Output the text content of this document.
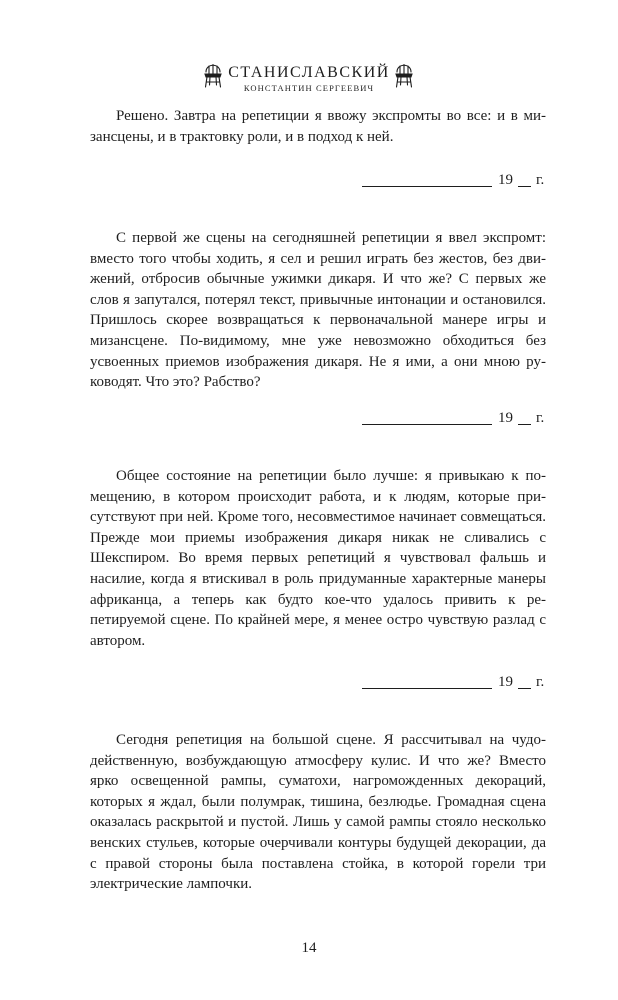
СТАНИСЛАВСКИЙ
КОНСТАНТИН СЕРГЕЕВИЧ

Решено. Завтра на репетиции я ввожу экспромты во все: и в мизансцены, и в трактовку роли, и в подход к ней.

19 г.

С первой же сцены на сегодняшней репетиции я ввел экспромт: вместо того чтобы ходить, я сел и решил играть без жестов, без движений, отбросив обычные ужимки дикаря. И что же? С первых же слов я запутался, потерял текст, привычные интонации и остановился. Пришлось скорее возвращаться к первоначальной манере игры и мизансцене. По-видимому, мне уже невозможно обходиться без усвоенных приемов изображения дикаря. Не я ими, а они мною руководят. Что это? Рабство?

19 г.

Общее состояние на репетиции было лучше: я привыкаю к помещению, в котором происходит работа, и к людям, которые присутствуют при ней. Кроме того, несовместимое начинает совмещаться. Прежде мои приемы изображения дикаря никак не сливались с Шекспиром. Во время первых репетиций я чувствовал фальшь и насилие, когда я втискивал в роль придуманные характерные манеры африканца, а теперь как будто кое-что удалось привить к репетируемой сцене. По крайней мере, я менее остро чувствую разлад с автором.

19 г.

Сегодня репетиция на большой сцене. Я рассчитывал на чудодейственную, возбуждающую атмосферу кулис. И что же? Вместо ярко освещенной рампы, суматохи, нагроможденных декораций, которых я ждал, были полумрак, тишина, безлюдье. Громадная сцена оказалась раскрытой и пустой. Лишь у самой рампы стояло несколько венских стульев, которые очерчивали контуры будущей декорации, да с правой стороны была поставлена стойка, в которой горели три электрические лампочки.

14
